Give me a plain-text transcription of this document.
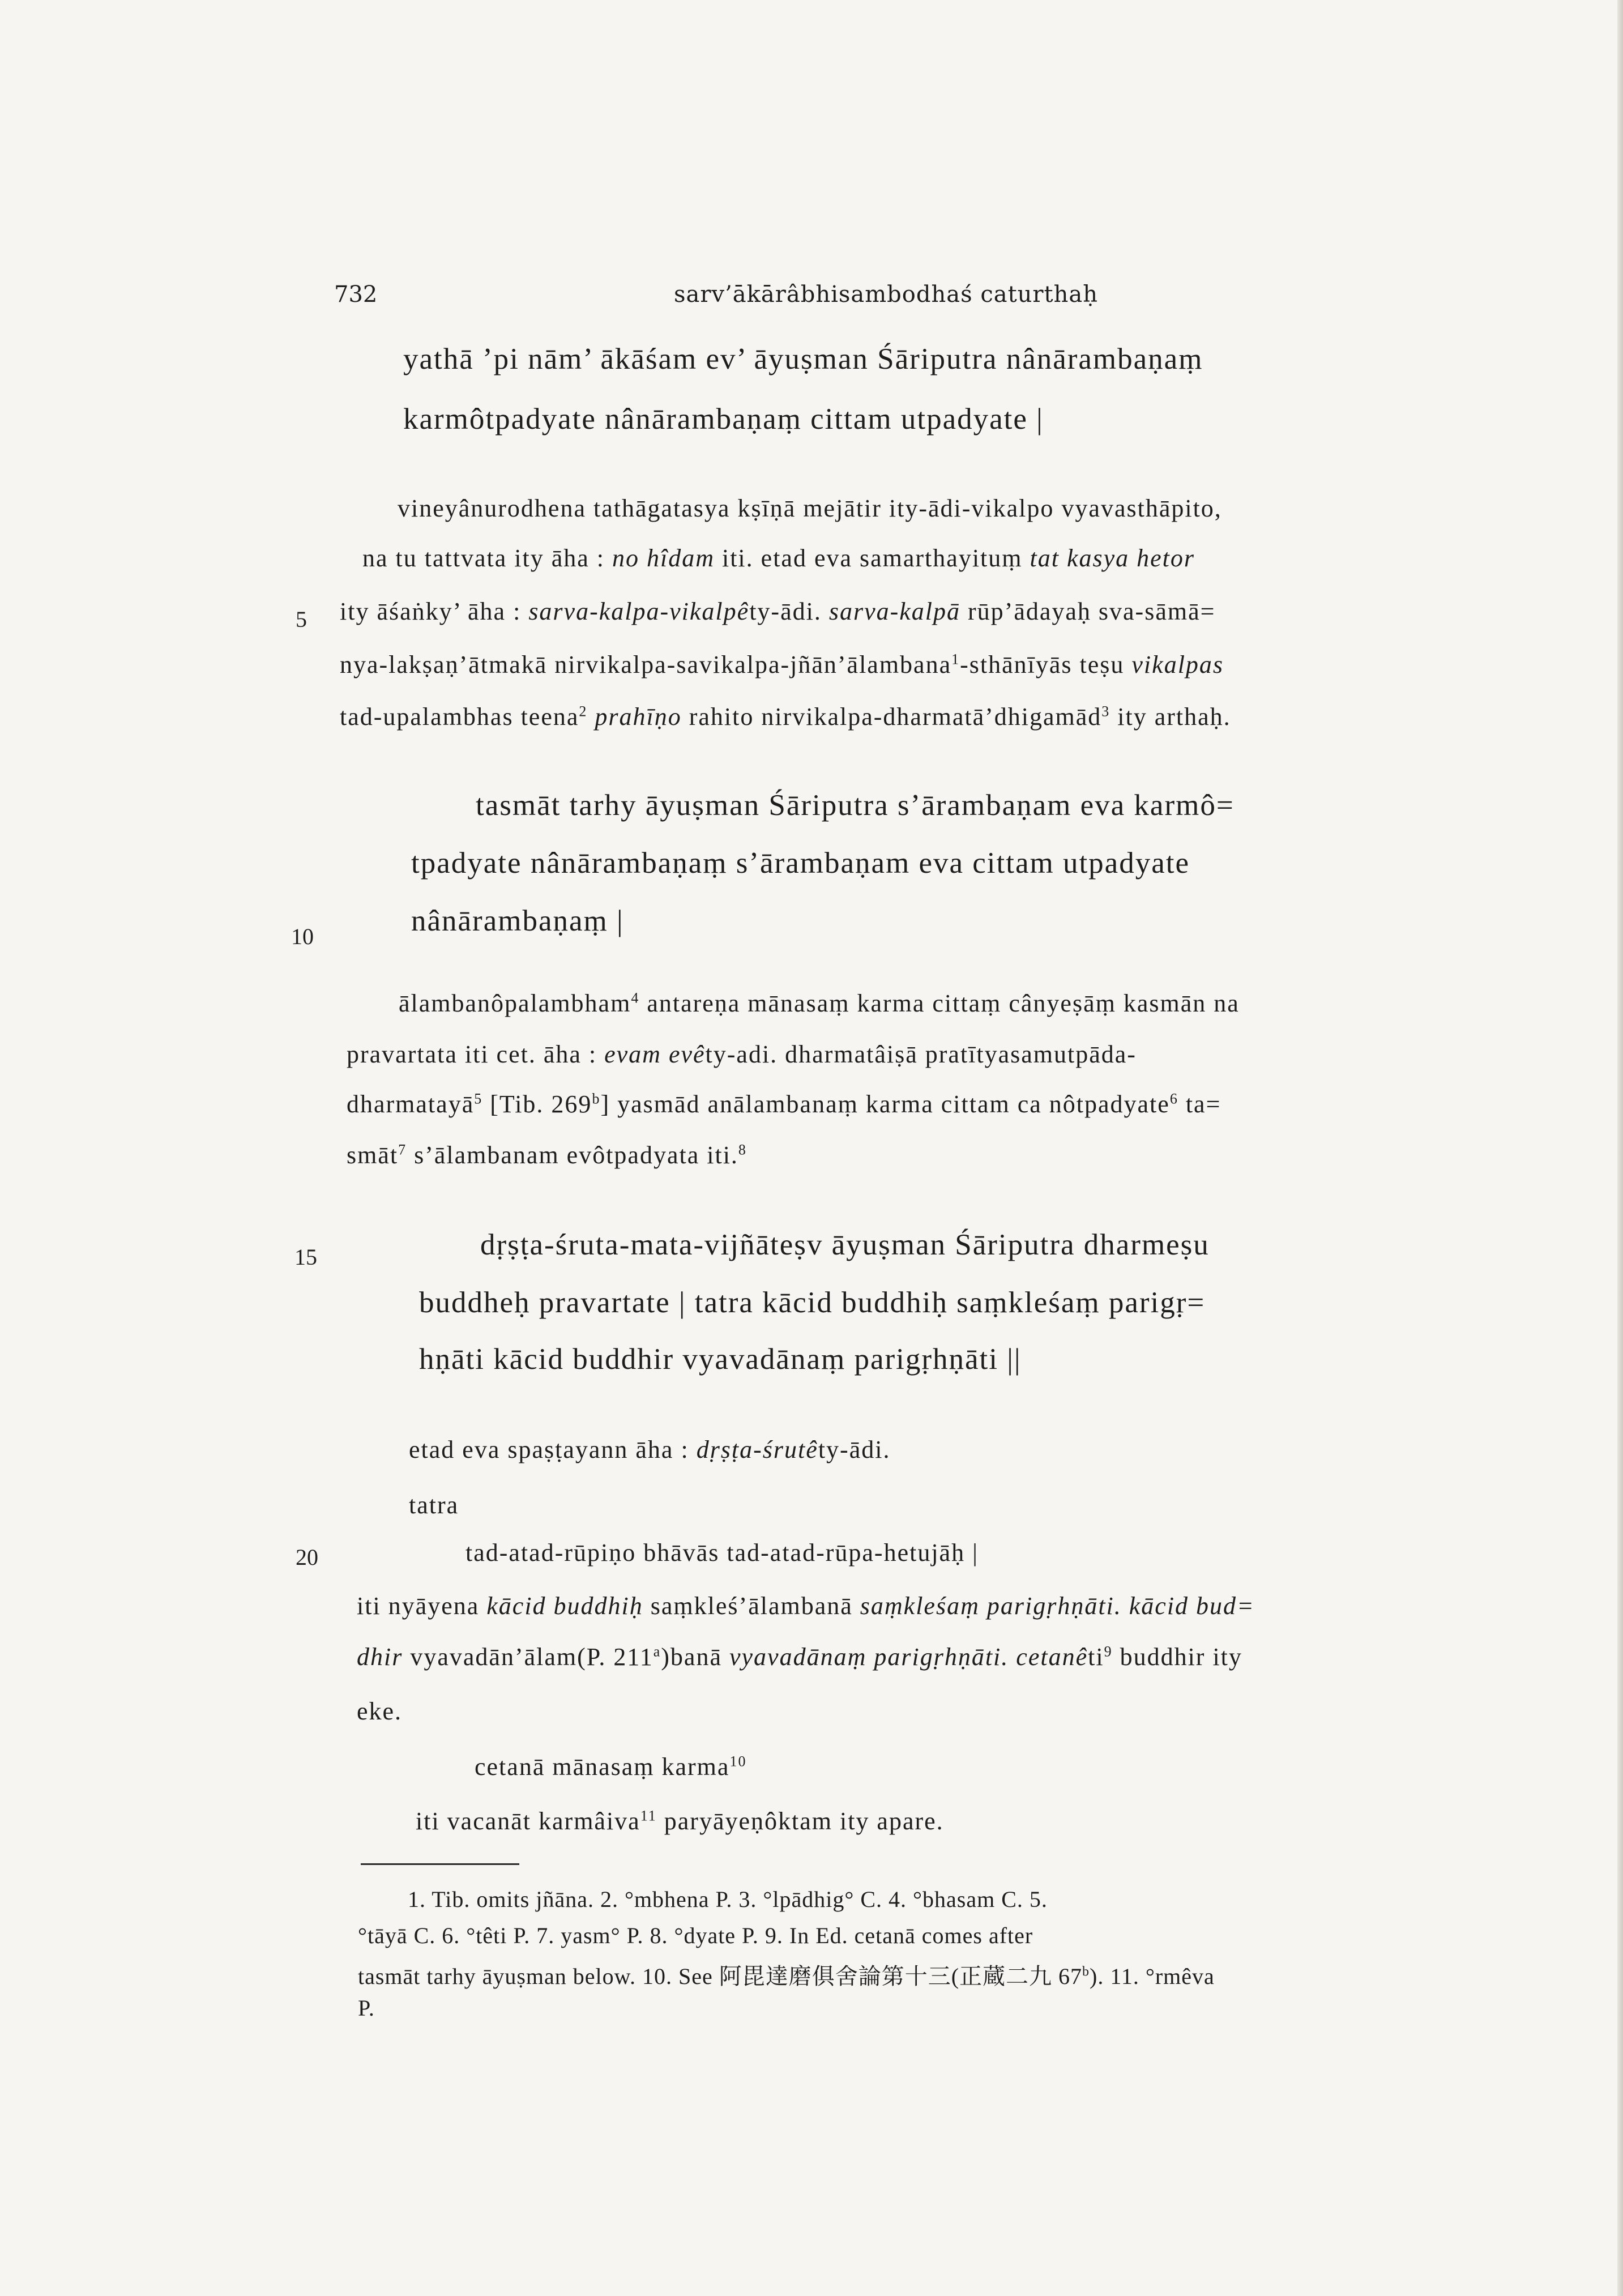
732	sarv’ākārâbhisambodhaś caturthaḥ
yathā ’pi nām’ ākāśam ev’ āyuṣman Śāriputra nânārambaṇaṃ
karmôtpadyate nânārambaṇaṃ cittam utpadyate |
vineyânurodhena tathāgatasya kṣīṇā mejātir ity-ādi-vikalpo vyavasthāpito,
na tu tattvata ity āha : no hîdam iti. etad eva samarthayituṃ tat kasya hetor
5 ity āśaṅky’ āha : sarva-kalpa-vikalpêty-ādi. sarva-kalpā rūp’ādayaḥ sva-sāmā=
nya-lakṣaṇ’ātmakā nirvikalpa-savikalpa-jñān’ālambana$^1$-sthānīyās teṣu vikalpas
tad-upalambhas teena$^2$ prahīṇo rahito nirvikalpa-dharmatā’dhigamād$^3$ ity arthaḥ.
tasmāt tarhy āyuṣman Śāriputra s’ārambaṇam eva karmô=
tpadyate nânārambaṇaṃ s’ārambaṇam eva cittam utpadyate
10	nânārambaṇaṃ |
ālambanôpalambham$^4$ antareṇa mānasaṃ karma cittaṃ cânyeṣāṃ kasmān na
pravartata iti cet. āha : evam evêty-adi. dharmatâiṣā pratītyasamutpāda-
dharmatayā$^5$ [Tib. 269$^b$] yasmād anālambanaṃ karma cittam ca nôtpadyate$^6$ ta=
smāt$^7$ s’ālambanam evôtpadyata iti.$^8$
15	dṛṣṭa-śruta-mata-vijñāteṣv āyuṣman Śāriputra dharmeṣu
buddheḥ pravartate | tatra kācid buddhiḥ saṃkleśaṃ parigṛ=
hṇāti kācid buddhir vyavadānaṃ parigṛhṇāti ||
etad eva spaṣṭayann āha : dṛṣṭa-śrutêty-ādi.
tatra
20	tad-atad-rūpiṇo bhāvās tad-atad-rūpa-hetujāḥ |
iti nyāyena kācid buddhiḥ saṃkleś’ālambanā saṃkleśaṃ parigṛhṇāti. kācid bud=
dhir vyavadān’ālam(P. 211$^a$)banā vyavadānaṃ parigṛhṇāti. cetanêti$^9$ buddhir ity
eke.
cetanā mānasaṃ karma$^{10}$
iti vacanāt karmâiva$^{11}$ paryāyeṇôktam ity apare.
1. Tib. omits jñāna. 2. °mbhena P. 3. °lpādhig° C. 4. °bhasam C. 5.
°tāyā C. 6. °têti P. 7. yasm° P. 8. °dyate P. 9. In Ed. cetanā comes after
tasmāt tarhy āyuṣman below. 10. See 阿毘達磨俱舍論第十三(正蔵二九 67$^b$). 11. °rmêva
P.
